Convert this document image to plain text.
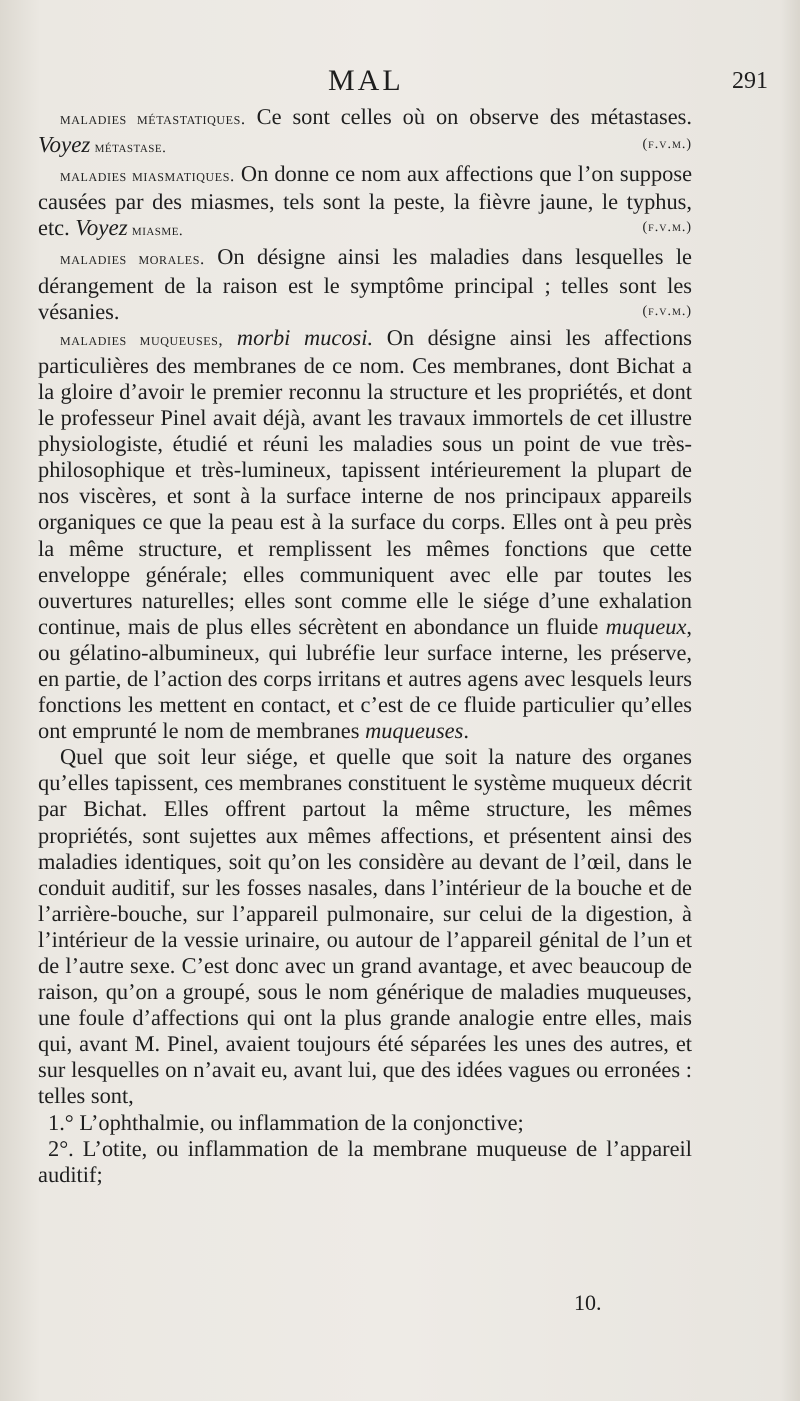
MAL	291

maladies métastatiques. Ce sont celles où on observe des métastases. Voyez métastase.	(f.v.m.)

maladies miasmatiques. On donne ce nom aux affections que l’on suppose causées par des miasmes, tels sont la peste, la fièvre jaune, le typhus, etc. Voyez miasme.	(f.v.m.)

maladies morales. On désigne ainsi les maladies dans lesquelles le dérangement de la raison est le symptôme principal ; telles sont les vésanies.	(f.v.m.)

maladies muqueuses, morbi mucosi. On désigne ainsi les affections particulières des membranes de ce nom. Ces membranes, dont Bichat a la gloire d’avoir le premier reconnu la structure et les propriétés, et dont le professeur Pinel avait déjà, avant les travaux immortels de cet illustre physiologiste, étudié et réuni les maladies sous un point de vue très-philosophique et très-lumineux, tapissent intérieurement la plupart de nos viscères, et sont à la surface interne de nos principaux appareils organiques ce que la peau est à la surface du corps. Elles ont à peu près la même structure, et remplissent les mêmes fonctions que cette enveloppe générale; elles communiquent avec elle par toutes les ouvertures naturelles; elles sont comme elle le siége d’une exhalation continue, mais de plus elles sécrètent en abondance un fluide muqueux, ou gélatino-albumineux, qui lubréfie leur surface interne, les préserve, en partie, de l’action des corps irritans et autres agens avec lesquels leurs fonctions les mettent en contact, et c’est de ce fluide particulier qu’elles ont emprunté le nom de membranes muqueuses.

Quel que soit leur siége, et quelle que soit la nature des organes qu’elles tapissent, ces membranes constituent le système muqueux décrit par Bichat. Elles offrent partout la même structure, les mêmes propriétés, sont sujettes aux mêmes affections, et présentent ainsi des maladies identiques, soit qu’on les considère au devant de l’œil, dans le conduit auditif, sur les fosses nasales, dans l’intérieur de la bouche et de l’arrière-bouche, sur l’appareil pulmonaire, sur celui de la digestion, à l’intérieur de la vessie urinaire, ou autour de l’appareil génital de l’un et de l’autre sexe. C’est donc avec un grand avantage, et avec beaucoup de raison, qu’on a groupé, sous le nom générique de maladies muqueuses, une foule d’affections qui ont la plus grande analogie entre elles, mais qui, avant M. Pinel, avaient toujours été séparées les unes des autres, et sur lesquelles on n’avait eu, avant lui, que des idées vagues ou erronées : telles sont,

1.° L’ophthalmie, ou inflammation de la conjonctive;

2°. L’otite, ou inflammation de la membrane muqueuse de l’appareil auditif;

10.
